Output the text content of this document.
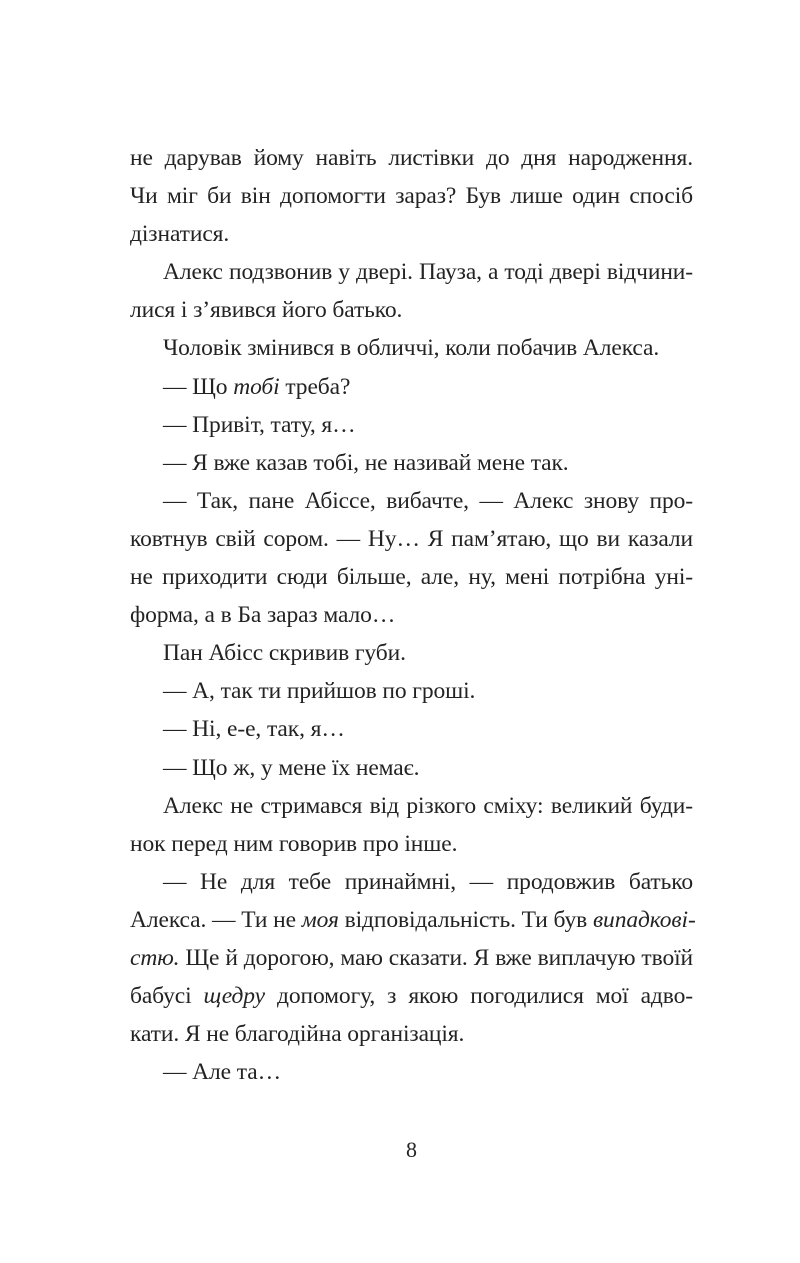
не дарував йому навіть листівки до дня народження.
Чи міг би він допомогти зараз? Був лише один спосіб
дізнатися.
Алекс подзвонив у двері. Пауза, а тоді двері відчини-
лися і з’явився його батько.
Чоловік змінився в обличчі, коли побачив Алекса.
— Що тобі треба?
— Привіт, тату, я…
— Я вже казав тобі, не називай мене так.
— Так, пане Абіссе, вибачте, — Алекс знову про-
ковтнув свій сором. — Ну… Я пам’ятаю, що ви казали
не приходити сюди більше, але, ну, мені потрібна уні-
форма, а в Ба зараз мало…
Пан Абісс скривив губи.
— А, так ти прийшов по гроші.
— Ні, е-е, так, я…
— Що ж, у мене їх немає.
Алекс не стримався від різкого сміху: великий буди-
нок перед ним говорив про інше.
— Не для тебе принаймні, — продовжив батько
Алекса. — Ти не моя відповідальність. Ти був випадкові-
стю. Ще й дорогою, маю сказати. Я вже виплачую твоїй
бабусі щедру допомогу, з якою погодилися мої адво-
кати. Я не благодійна організація.
— Але та…
8
